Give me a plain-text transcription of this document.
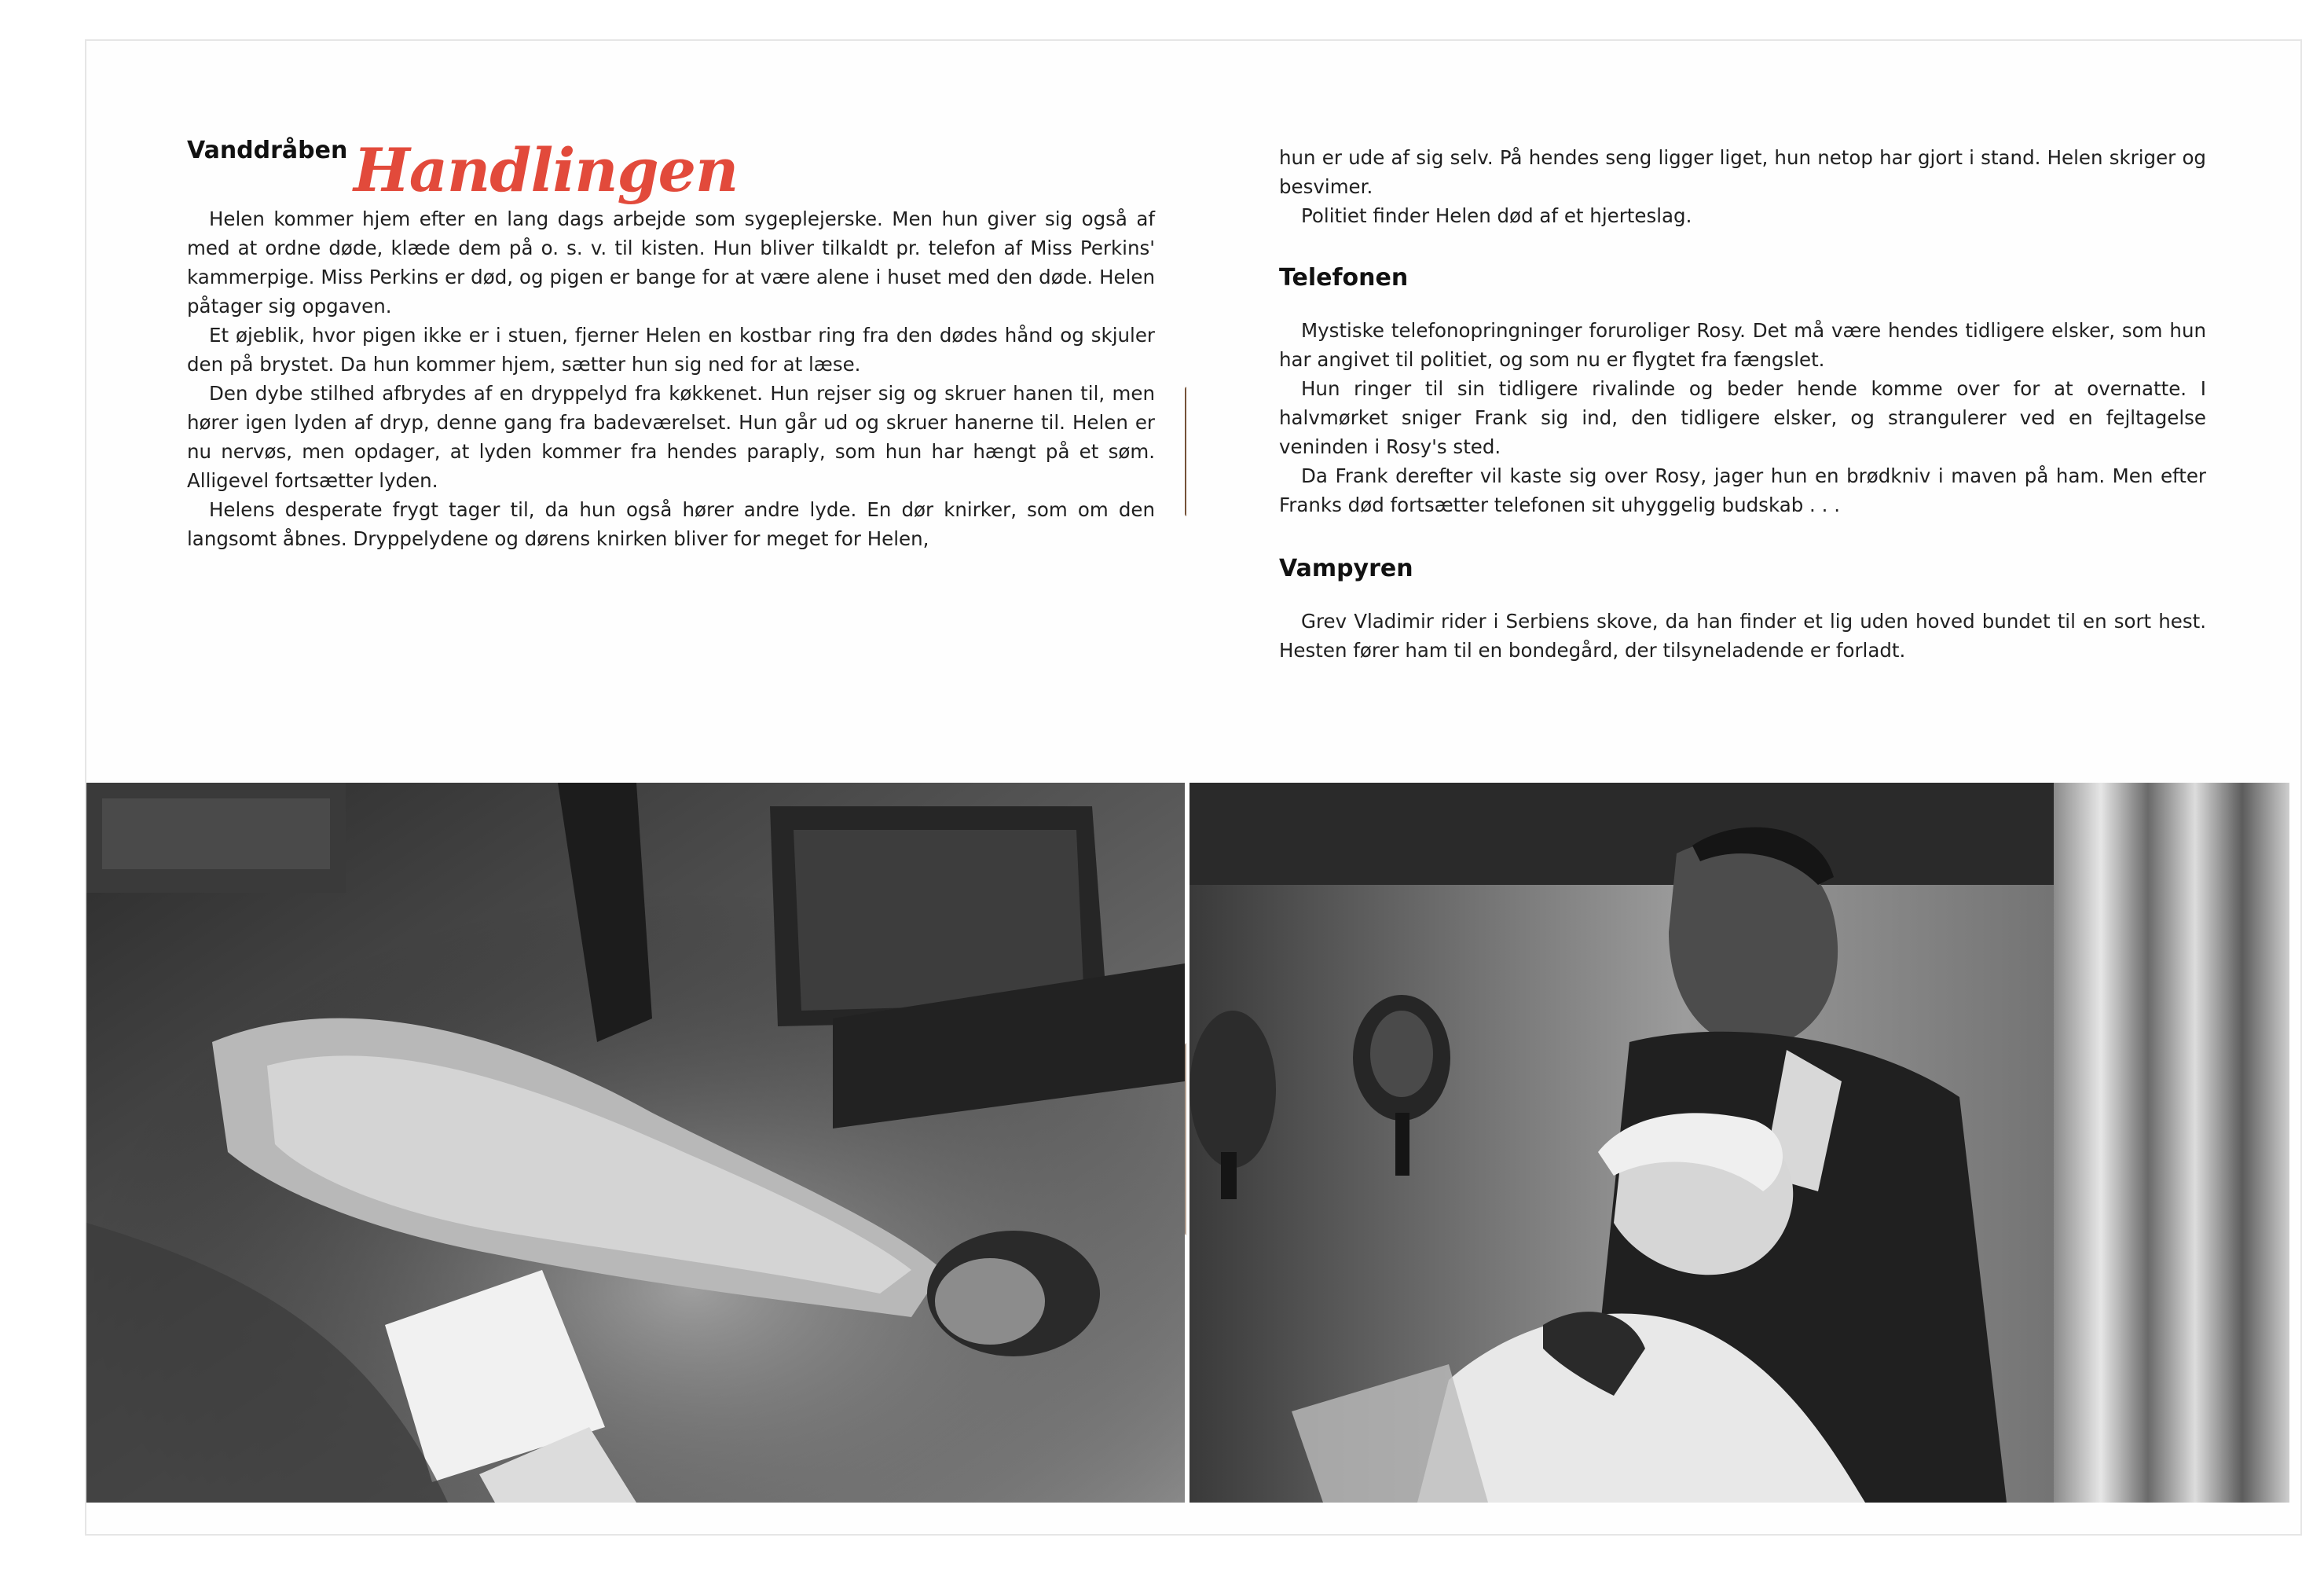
Handlingen
Vanddråben

Helen kommer hjem efter en lang dags arbejde som sygeplejerske. Men hun giver sig også af med at ordne døde, klæde dem på o. s. v. til kisten. Hun bliver tilkaldt pr. telefon af Miss Perkins' kammerpige. Miss Perkins er død, og pigen er bange for at være alene i huset med den døde. Helen påtager sig opgaven.

Et øjeblik, hvor pigen ikke er i stuen, fjerner Helen en kostbar ring fra den dødes hånd og skjuler den på brystet. Da hun kommer hjem, sætter hun sig ned for at læse.

Den dybe stilhed afbrydes af en dryppelyd fra køkkenet. Hun rejser sig og skruer hanen til, men hører igen lyden af dryp, denne gang fra badeværelset. Hun går ud og skruer hanerne til. Helen er nu nervøs, men opdager, at lyden kommer fra hendes paraply, som hun har hængt på et søm. Alligevel fortsætter lyden.

Helens desperate frygt tager til, da hun også hører andre lyde. En dør knirker, som om den langsomt åbnes. Dryppelydene og dørens knirken bliver for meget for Helen,

hun er ude af sig selv. På hendes seng ligger liget, hun netop har gjort i stand. Helen skriger og besvimer.

Politiet finder Helen død af et hjerteslag.

Telefonen

Mystiske telefonopringninger foruroliger Rosy. Det må være hendes tidligere elsker, som hun har angivet til politiet, og som nu er flygtet fra fængslet.

Hun ringer til sin tidligere rivalinde og beder hende komme over for at overnatte. I halvmørket sniger Frank sig ind, den tidligere elsker, og strangulerer ved en fejltagelse veninden i Rosy's sted.

Da Frank derefter vil kaste sig over Rosy, jager hun en brødkniv i maven på ham. Men efter Franks død fortsætter telefonen sit uhyggelig budskab . . .

Vampyren

Grev Vladimir rider i Serbiens skove, da han finder et lig uden hoved bundet til en sort hest. Hesten fører ham til en bondegård, der tilsyneladende er forladt.
